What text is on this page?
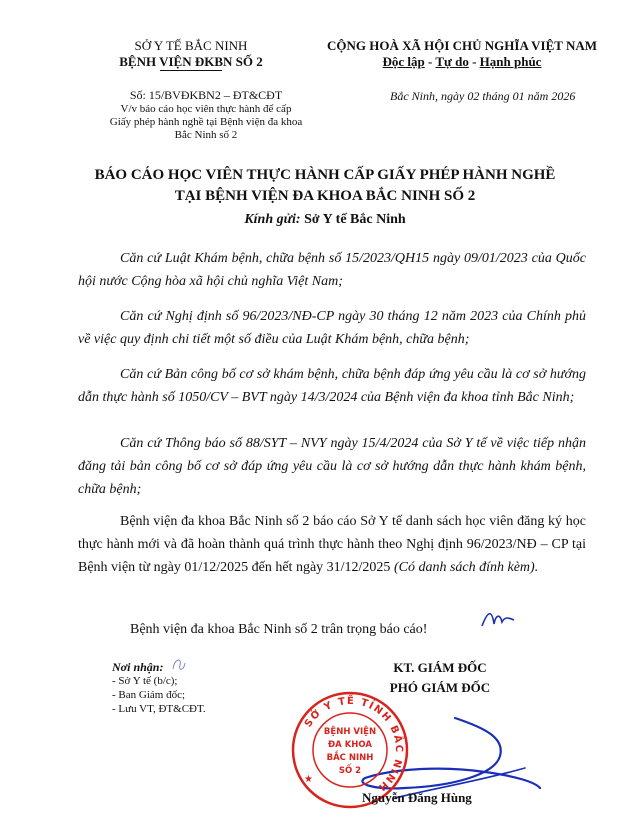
SỞ Y TẾ BẮC NINH
BỆNH VIỆN ĐKBN SỐ 2
CỘNG HOÀ XÃ HỘI CHỦ NGHĨA VIỆT NAM
Độc lập - Tự do - Hạnh phúc
Số: 15/BVĐKBN2 – ĐT&CĐT
V/v báo cáo học viên thực hành để cấp
Giấy phép hành nghề tại Bệnh viện đa khoa
Bắc Ninh số 2
Bắc Ninh, ngày 02 tháng 01 năm 2026
BÁO CÁO HỌC VIÊN THỰC HÀNH CẤP GIẤY PHÉP HÀNH NGHỀ
TẠI BỆNH VIỆN ĐA KHOA BẮC NINH SỐ 2
Kính gửi: Sở Y tế Bắc Ninh
Căn cứ Luật Khám bệnh, chữa bệnh số 15/2023/QH15 ngày 09/01/2023 của Quốc hội nước Cộng hòa xã hội chủ nghĩa Việt Nam;
Căn cứ Nghị định số 96/2023/NĐ-CP ngày 30 tháng 12 năm 2023 của Chính phủ về việc quy định chi tiết một số điều của Luật Khám bệnh, chữa bệnh;
Căn cứ Bản công bố cơ sở khám bệnh, chữa bệnh đáp ứng yêu cầu là cơ sở hướng dẫn thực hành số 1050/CV – BVT ngày 14/3/2024 của Bệnh viện đa khoa tỉnh Bắc Ninh;
Căn cứ Thông báo số 88/SYT – NVY ngày 15/4/2024 của Sở Y tế về việc tiếp nhận đăng tải bản công bố cơ sở đáp ứng yêu cầu là cơ sở hướng dẫn thực hành khám bệnh, chữa bệnh;
Bệnh viện đa khoa Bắc Ninh số 2 báo cáo Sở Y tế danh sách học viên đăng ký học thực hành mới và đã hoàn thành quá trình thực hành theo Nghị định 96/2023/NĐ – CP tại Bệnh viện từ ngày 01/12/2025 đến hết ngày 31/12/2025 (Có danh sách đính kèm).
Bệnh viện đa khoa Bắc Ninh số 2 trân trọng báo cáo!
Nơi nhận:
- Sở Y tế (b/c);
- Ban Giám đốc;
- Lưu VT, ĐT&CĐT.
KT. GIÁM ĐỐC
PHÓ GIÁM ĐỐC
SỞ Y TẾ TỈNH BẮC NINH
BỆNH VIỆN
ĐA KHOA
BẮC NINH
SỐ 2
★
Nguyễn Đăng Hùng
